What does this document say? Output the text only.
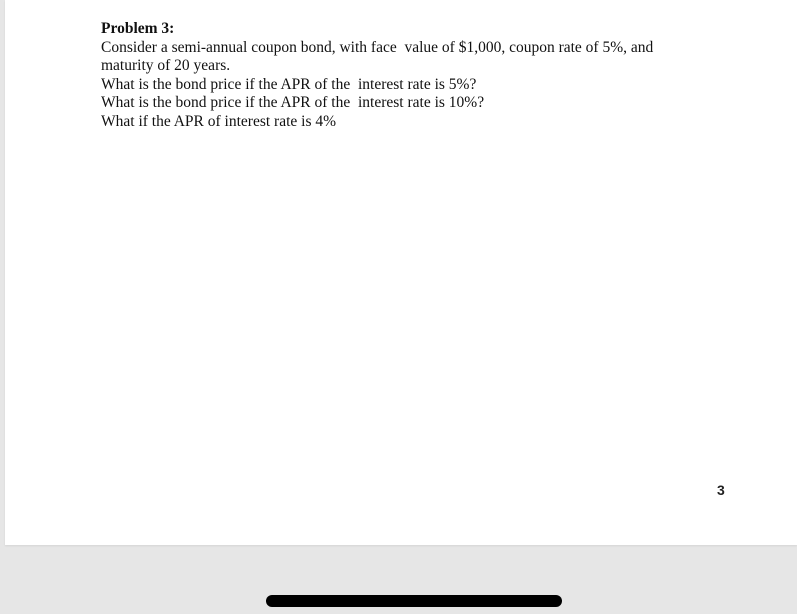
Problem 3:
Consider a semi-annual coupon bond, with face  value of $1,000, coupon rate of 5%, and
maturity of 20 years.
What is the bond price if the APR of the  interest rate is 5%?
What is the bond price if the APR of the  interest rate is 10%?
What if the APR of interest rate is 4%
3
